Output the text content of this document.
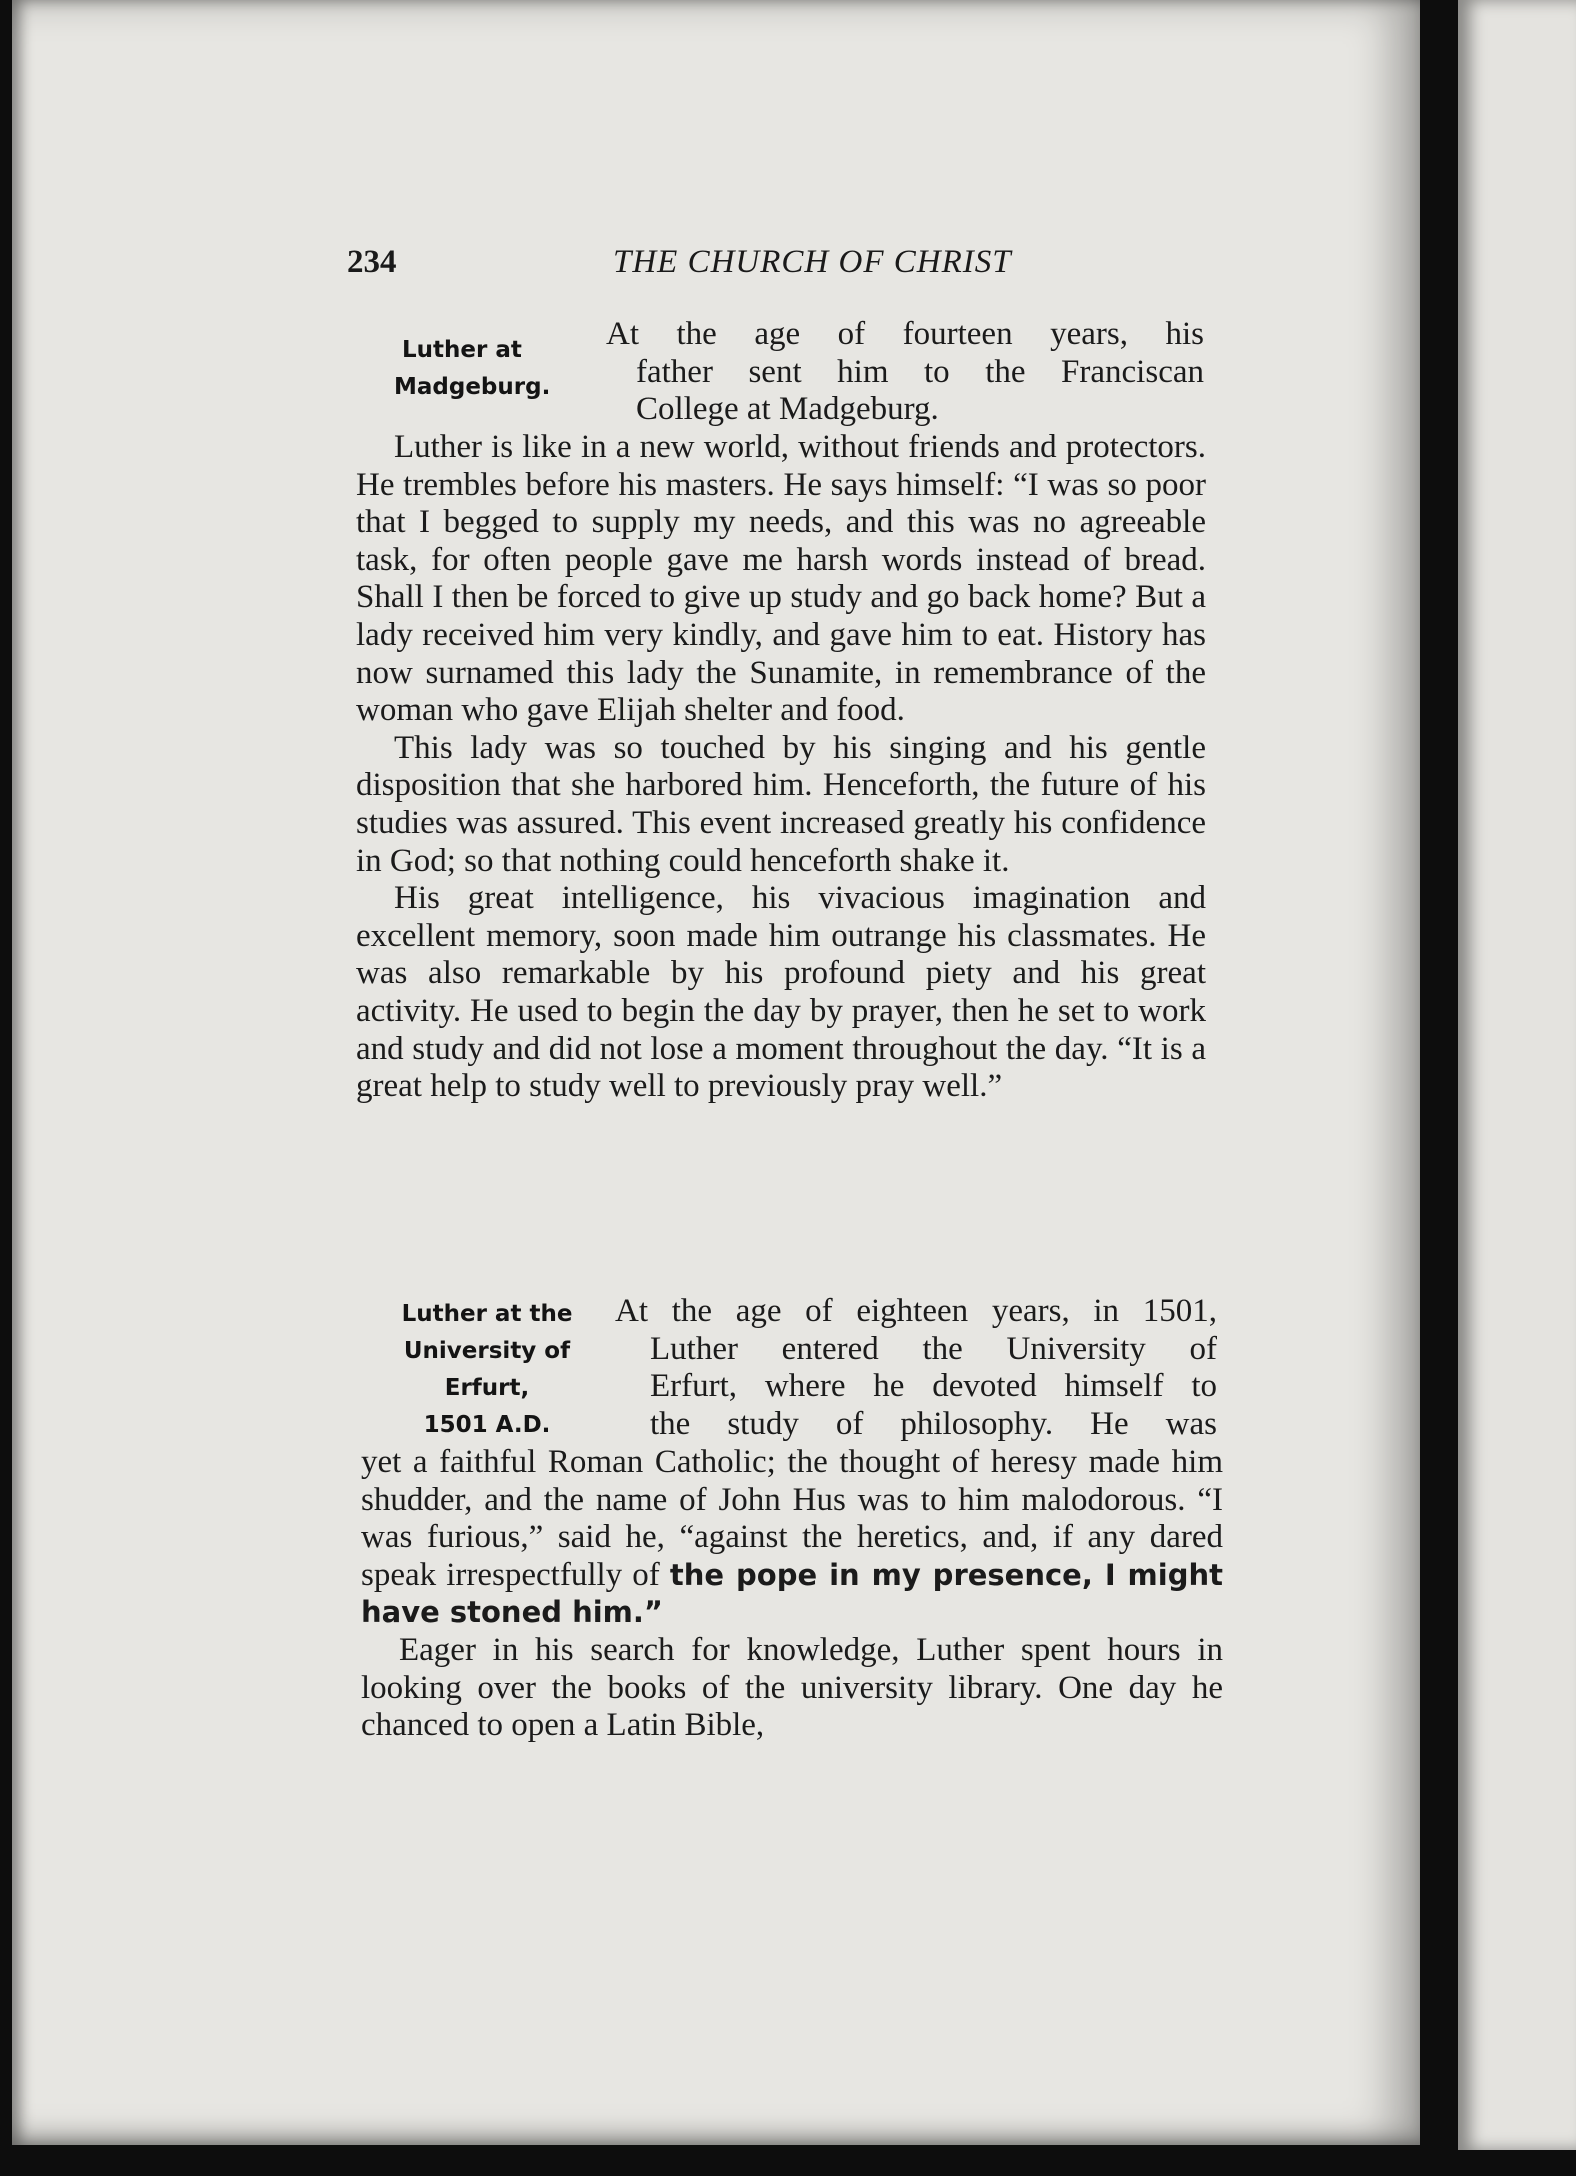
234	THE CHURCH OF CHRIST
Luther at
Madgeburg.
At the age of fourteen years, his
father sent him to the Franciscan
College at Madgeburg.

Luther is like in a new world, without friends and protectors. He trembles before his masters. He says himself: “I was so poor that I begged to supply my needs, and this was no agreeable task, for often people gave me harsh words instead of bread. Shall I then be forced to give up study and go back home? But a lady received him very kindly, and gave him to eat. History has now surnamed this lady the Sunamite, in remembrance of the woman who gave Elijah shelter and food.

This lady was so touched by his singing and his gentle disposition that she harbored him. Henceforth, the future of his studies was assured. This event increased greatly his confidence in God; so that nothing could henceforth shake it.

His great intelligence, his vivacious imagination and excellent memory, soon made him outrange his classmates. He was also remarkable by his profound piety and his great activity. He used to begin the day by prayer, then he set to work and study and did not lose a moment throughout the day. “It is a great help to study well to previously pray well.”

Luther at the
University of
Erfurt,
1501 A.D.
At the age of eighteen years, in 1501,
Luther entered the University of
Erfurt, where he devoted himself to
the study of philosophy. He was

yet a faithful Roman Catholic; the thought of heresy made him shudder, and the name of John Hus was to him malodorous. “I was furious,” said he, “against the heretics, and, if any dared speak irrespectfully of the pope in my presence, I might have stoned him.”

Eager in his search for knowledge, Luther spent hours in looking over the books of the university library. One day he chanced to open a Latin Bible,
